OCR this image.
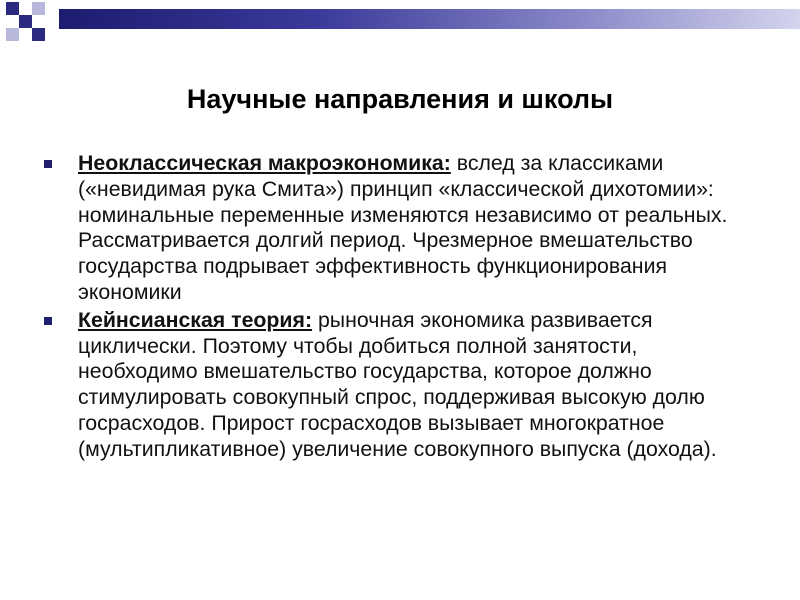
Научные направления и школы
Неоклассическая макроэкономика: вслед за классиками («невидимая рука Смита») принцип «классической дихотомии»: номинальные переменные изменяются независимо от реальных. Рассматривается долгий период. Чрезмерное вмешательство государства подрывает эффективность функционирования экономики
Кейнсианская теория: рыночная экономика развивается циклически. Поэтому чтобы добиться полной занятости, необходимо вмешательство государства, которое должно стимулировать совокупный спрос, поддерживая высокую долю госрасходов. Прирост госрасходов вызывает многократное (мультипликативное) увеличение совокупного выпуска (дохода).
